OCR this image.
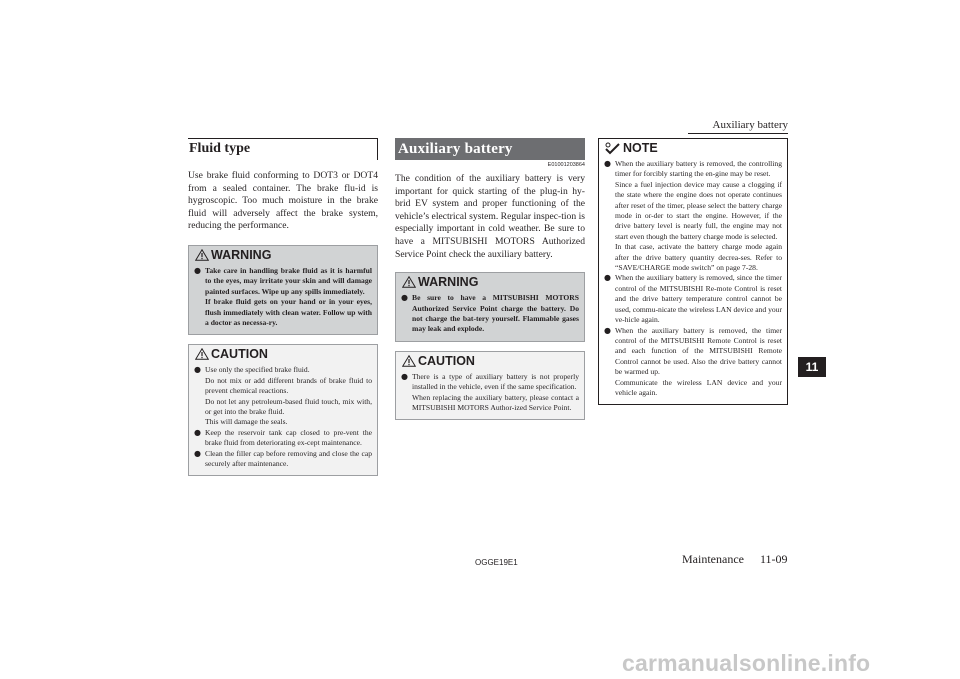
Auxiliary battery
Fluid type
Use brake fluid conforming to DOT3 or DOT4 from a sealed container. The brake flu-id is hygroscopic. Too much moisture in the brake fluid will adversely affect the brake system, reducing the performance.
WARNING
● Take care in handling brake fluid as it is harmful to the eyes, may irritate your skin and will damage painted surfaces. Wipe up any spills immediately.
If brake fluid gets on your hand or in your eyes, flush immediately with clean water. Follow up with a doctor as necessa-ry.
CAUTION
● Use only the specified brake fluid.
Do not mix or add different brands of brake fluid to prevent chemical reactions.
Do not let any petroleum-based fluid touch, mix with, or get into the brake fluid.
This will damage the seals.
● Keep the reservoir tank cap closed to pre-vent the brake fluid from deteriorating ex-cept maintenance.
● Clean the filler cap before removing and close the cap securely after maintenance.
Auxiliary battery
E01001203864
The condition of the auxiliary battery is very important for quick starting of the plug-in hy-brid EV system and proper functioning of the vehicle’s electrical system. Regular inspec-tion is especially important in cold weather. Be sure to have a MITSUBISHI MOTORS Authorized Service Point check the auxiliary battery.
WARNING
● Be sure to have a MITSUBISHI MOTORS Authorized Service Point charge the battery. Do not charge the bat-tery yourself. Flammable gases may leak and explode.
CAUTION
● There is a type of auxiliary battery is not properly installed in the vehicle, even if the same specification.
When replacing the auxiliary battery, please contact a MITSUBISHI MOTORS Author-ized Service Point.
NOTE
● When the auxiliary battery is removed, the controlling timer for forcibly starting the en-gine may be reset.
Since a fuel injection device may cause a clogging if the state where the engine does not operate continues after reset of the timer, please select the battery charge mode in or-der to start the engine. However, if the drive battery level is nearly full, the engine may not start even though the battery charge mode is selected.
In that case, activate the battery charge mode again after the drive battery quantity decrea-ses. Refer to “SAVE/CHARGE mode switch” on page 7-28.
● When the auxiliary battery is removed, since the timer control of the MITSUBISHI Re-mote Control is reset and the drive battery temperature control cannot be used, commu-nicate the wireless LAN device and your ve-hicle again.
● When the auxiliary battery is removed, the timer control of the MITSUBISHI Remote Control is reset and each function of the MITSUBISHI Remote Control cannot be used. Also the drive battery cannot be warmed up.
Communicate the wireless LAN device and your vehicle again.
11
OGGE19E1	Maintenance 11-09
carmanualsonline.info
